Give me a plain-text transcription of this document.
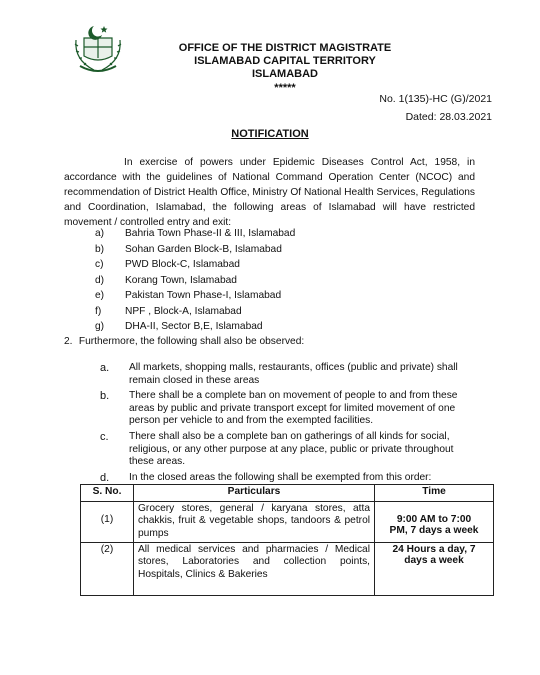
OFFICE OF THE DISTRICT MAGISTRATE
ISLAMABAD CAPITAL TERRITORY
ISLAMABAD
*****
No. 1(135)-HC (G)/2021
Dated: 28.03.2021
NOTIFICATION
In exercise of powers under Epidemic Diseases Control Act, 1958, in accordance with the guidelines of National Command Operation Center (NCOC) and recommendation of District Health Office, Ministry Of National Health Services, Regulations and Coordination, Islamabad, the following areas of Islamabad will have restricted movement / controlled entry and exit:
a)	Bahria Town Phase-II & III, Islamabad
b)	Sohan Garden Block-B, Islamabad
c)	PWD Block-C, Islamabad
d)	Korang Town, Islamabad
e)	Pakistan Town Phase-I, Islamabad
f)	NPF , Block-A, Islamabad
g)	DHA-II, Sector B,E, Islamabad
2. Furthermore, the following shall also be observed:
a.	All markets, shopping malls, restaurants, offices (public and private) shall remain closed in these areas
b.	There shall be a complete ban on movement of people to and from these areas by public and private transport except for limited movement of one person per vehicle to and from the exempted facilities.
c.	There shall also be a complete ban on gatherings of all kinds for social, religious, or any other purpose at any place, public or private throughout these areas.
d.	In the closed areas the following shall be exempted from this order:
S. No.	Particulars	Time
(1)	Grocery stores, general / karyana stores, atta chakkis, fruit & vegetable shops, tandoors & petrol pumps	9:00 AM to 7:00
PM, 7 days a week

(2)	All medical services and pharmacies / Medical stores, Laboratories and collection points, Hospitals, Clinics & Bakeries	24 Hours a day, 7
days a week
